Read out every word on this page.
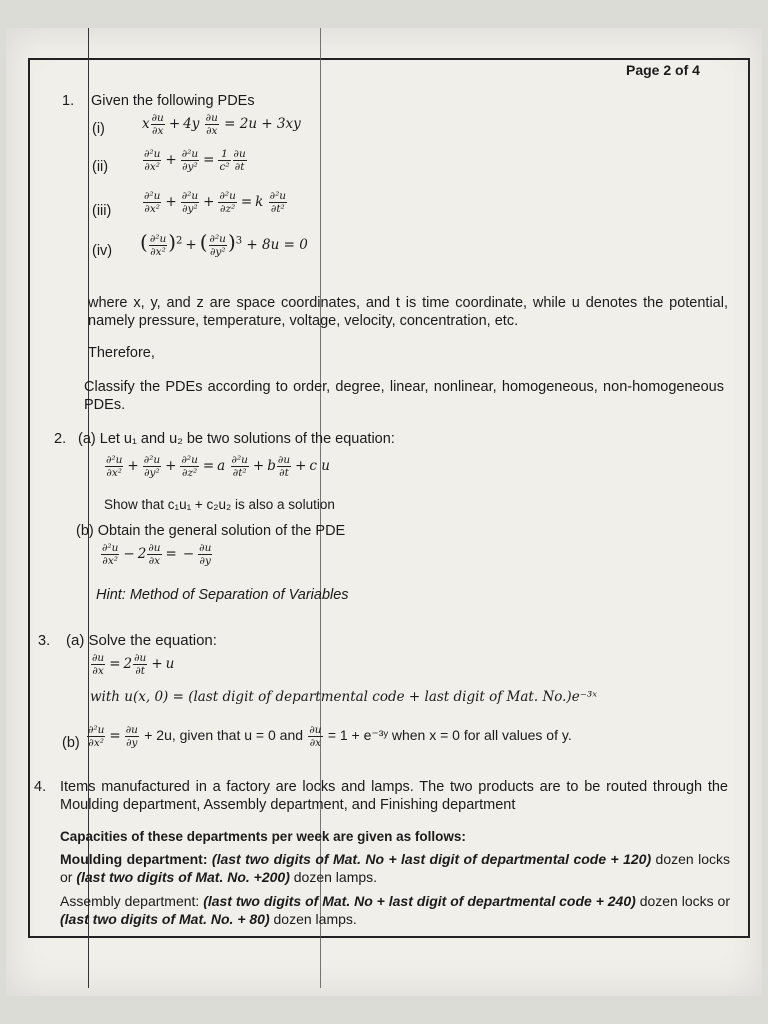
Page 2 of 4
1. Given the following PDEs
(i)	x $\frac{\partial u}{\partial x} + 4y \frac{\partial u}{\partial x} = 2u + 3xy$
(ii)	$\frac{\text{∂²u}}{\text{∂x²}} + \frac{\text{∂²u}}{\text{∂y²}} = \frac{1}{\text{c²}} \frac{\partial u}{\partial t}$
(iii)	$\frac{\text{∂²u}}{\text{∂x²}} + \frac{\text{∂²u}}{\text{∂y²}} + \frac{\text{∂²u}}{\text{∂z²}} = k \frac{\text{∂²u}}{\text{∂t²}}$
(iv) ( $\frac{\text{∂²u}}{\text{∂x²}} )^2$ + ( $\frac{\text{∂²u}}{\text{∂y²}} )^3 + 8u = 0$
where x, y, and z are space coordinates, and t is time coordinate, while u denotes the potential, namely pressure, temperature, voltage, velocity, concentration, etc.
Therefore,
Classify the PDEs according to order, degree, linear, nonlinear, homogeneous, non-homogeneous PDEs.
2. (a) Let u₁ and u₂ be two solutions of the equation:
$\frac{\text{∂²u}}{\text{∂x²}} + \frac{\text{∂²u}}{\text{∂y²}} + \frac{\text{∂²u}}{\text{∂z²}} = a \frac{\text{∂²u}}{\text{∂t²}} + b \frac{\partial u}{\partial t} + c$ u
Show that c₁u₁ + c₂u₂ is also a solution
(b) Obtain the general solution of the PDE
$\frac{\text{∂²u}}{\text{∂x²}} - 2 \frac{\partial u}{\partial x}$ = − $\frac{\partial u}{\partial y}$
Hint: Method of Separation of Variables
3. (a) Solve the equation:
$\frac{\partial u}{\partial x} = 2 \frac{\partial u}{\partial t} + u$
with u(x, 0) = (last digit of departmental code + last digit of Mat. No.)e⁻³ˣ
$(b) \frac{\text{∂²u}}{\text{∂x²}} = \frac{\partial u}{\partial y} + 2u$, given that u = 0 and $\frac{\partial u}{\partial x} = 1$ + e⁻³ʸ when x = 0 for all values of y.
4. Items manufactured in a factory are locks and lamps. The two products are to be routed through the Moulding department, Assembly department, and Finishing department
Capacities of these departments per week are given as follows:
Moulding department: (last two digits of Mat. No + last digit of departmental code + 120) dozen locks or (last two digits of Mat. No. +200) dozen lamps.
Assembly department: (last two digits of Mat. No + last digit of departmental code + 240) dozen locks or (last two digits of Mat. No. + 80) dozen lamps.
